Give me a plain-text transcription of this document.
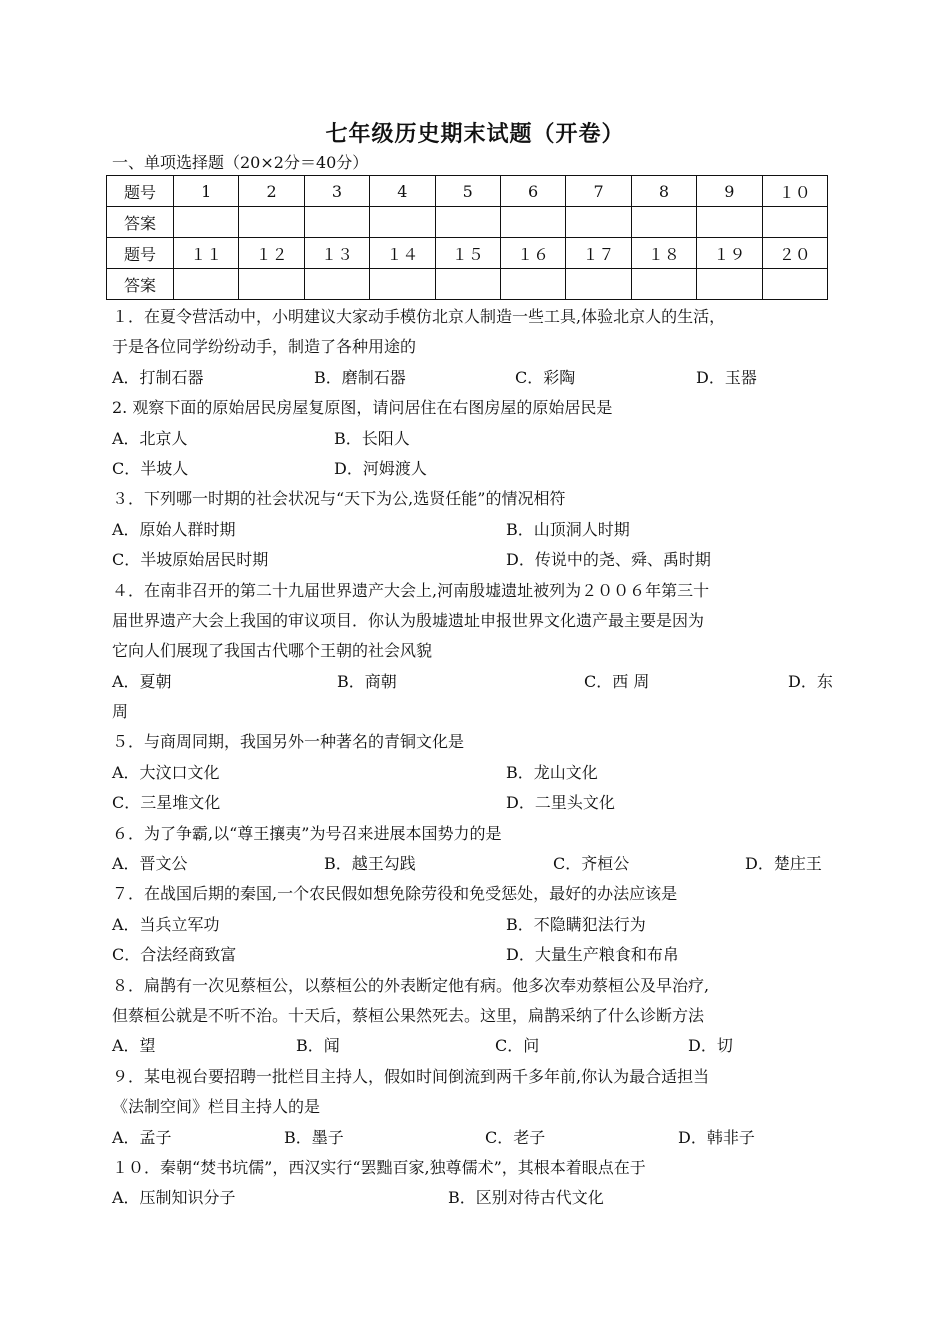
七年级历史期末试题（开卷）
一、单项选择题（20×2分＝40分）
题号	1	2	3	4	5	6	7	8	9	１０
答案										
题号	１１	１２	１３	１４	１５	１６	１７	１８	１９	２０
答案										
１．在夏令营活动中，小明建议大家动手模仿北京人制造一些工具,体验北京人的生活，
于是各位同学纷纷动手，制造了各种用途的
A．打制石器	B．磨制石器	C．彩陶	D．玉器
2. 观察下面的原始居民房屋复原图，请问居住在右图房屋的原始居民是
A．北京人	B．长阳人
C．半坡人	D．河姆渡人
３．下列哪一时期的社会状况与“天下为公,选贤任能”的情况相符
A．原始人群时期	B．山顶洞人时期
C．半坡原始居民时期	D．传说中的尧、舜、禹时期
４．在南非召开的第二十九届世界遗产大会上,河南殷墟遗址被列为２００６年第三十
届世界遗产大会上我国的审议项目．你认为殷墟遗址申报世界文化遗产最主要是因为
它向人们展现了我国古代哪个王朝的社会风貌
A．夏朝	B．商朝	C．西 周	D．东
周
５．与商周同期，我国另外一种著名的青铜文化是
A．大汶口文化	B．龙山文化
C．三星堆文化	D．二里头文化
６．为了争霸,以“尊王攘夷”为号召来进展本国势力的是
A．晋文公	B．越王勾践	C．齐桓公	D．楚庄王
７．在战国后期的秦国,一个农民假如想免除劳役和免受惩处，最好的办法应该是
A．当兵立军功	B．不隐瞒犯法行为
C．合法经商致富	D．大量生产粮食和布帛
８．扁鹊有一次见蔡桓公，以蔡桓公的外表断定他有病。他多次奉劝蔡桓公及早治疗,
但蔡桓公就是不听不治。十天后，蔡桓公果然死去。这里，扁鹊采纳了什么诊断方法
A．望	B．闻	C．问	D．切
９．某电视台要招聘一批栏目主持人，假如时间倒流到两千多年前,你认为最合适担当
《法制空间》栏目主持人的是
A．孟子	B．墨子	C．老子	D．韩非子
１０．秦朝“焚书坑儒”，西汉实行“罢黜百家,独尊儒术”，其根本着眼点在于
A．压制知识分子	B．区别对待古代文化
